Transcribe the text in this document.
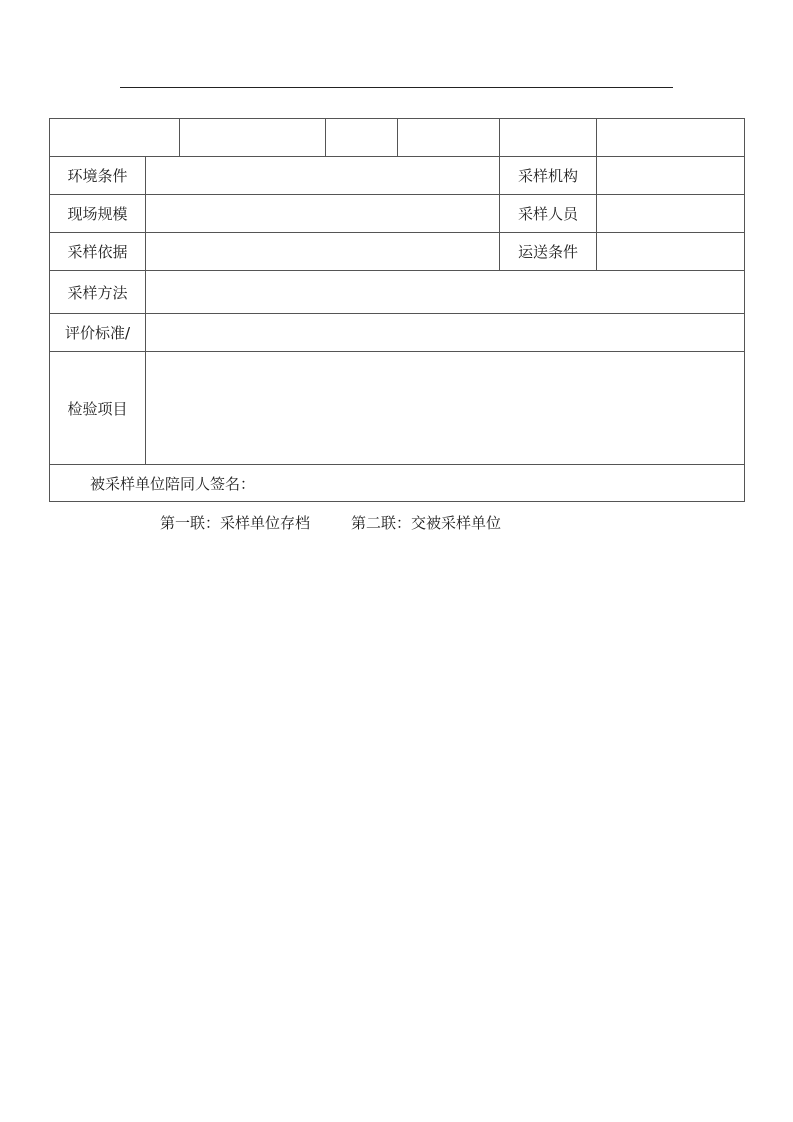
环境条件					采样机构	
现场规模					采样人员	
采样依据					运送条件	
采样方法						
评价标准/						
检验项目						
被采样单位陪同人签名：						
第一联：采样单位存档	第二联：交被采样单位
